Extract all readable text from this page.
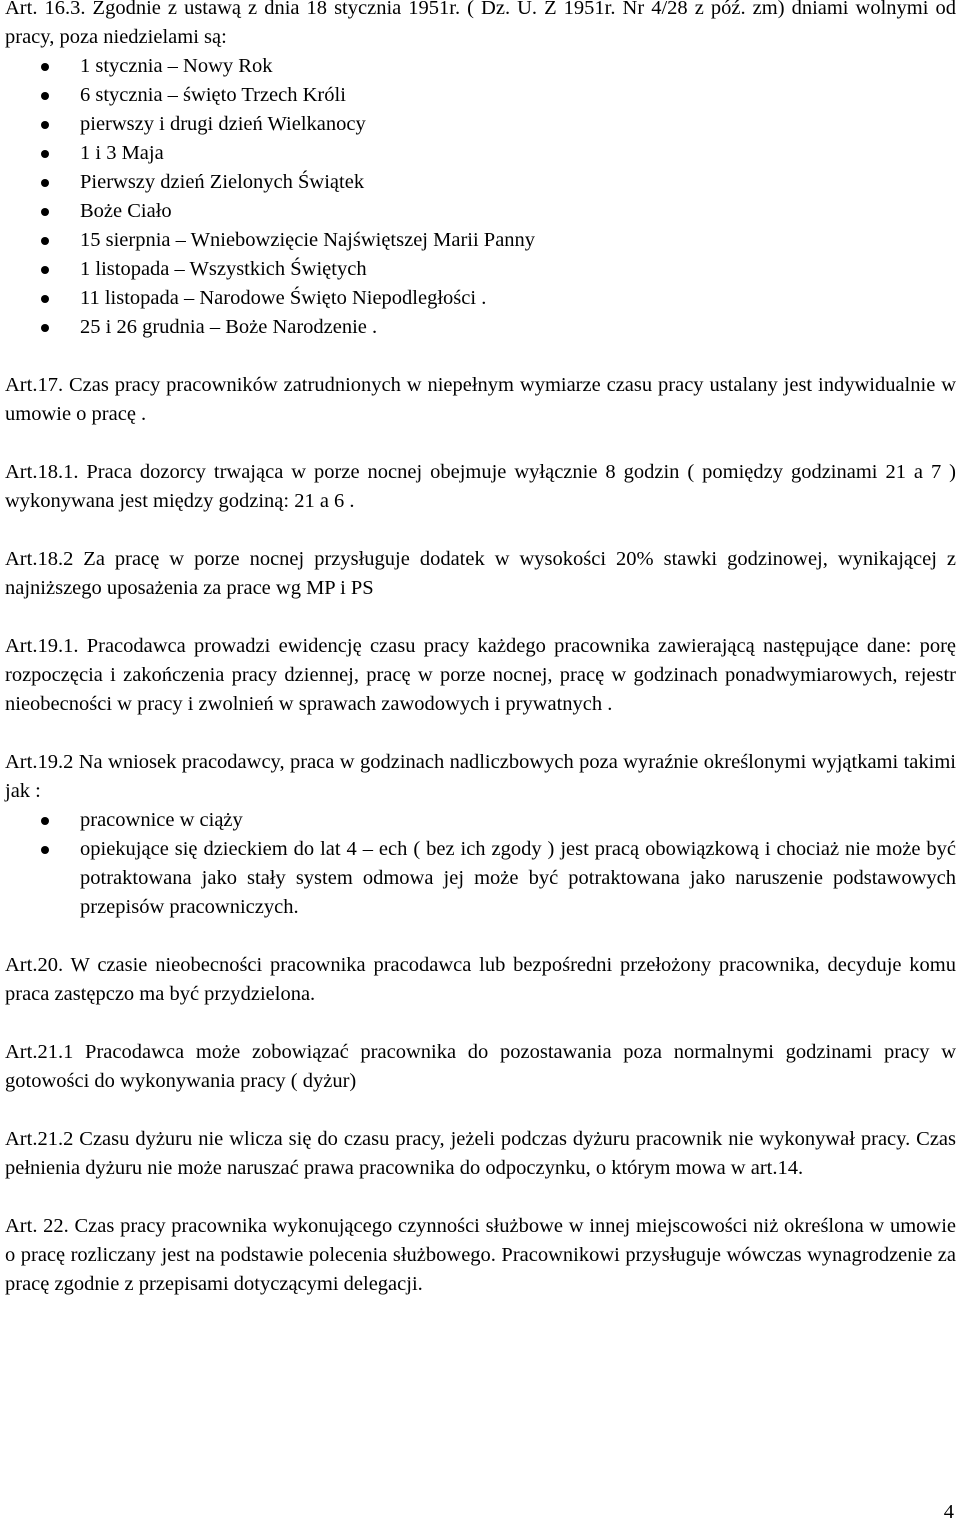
Art. 16.3. Zgodnie z ustawą z dnia 18 stycznia 1951r. ( Dz. U. Z 1951r. Nr 4/28 z póź. zm) dniami wolnymi od pracy, poza niedzielami są:

1 stycznia – Nowy Rok
6 stycznia – święto Trzech Króli
pierwszy i drugi dzień Wielkanocy
1 i 3 Maja
Pierwszy dzień Zielonych Świątek
Boże Ciało
15 sierpnia – Wniebowzięcie Najświętszej Marii Panny
1 listopada – Wszystkich Świętych
11 listopada – Narodowe Święto Niepodległości .
25 i 26 grudnia – Boże Narodzenie .

Art.17. Czas pracy pracowników zatrudnionych w niepełnym wymiarze czasu pracy ustalany jest indywidualnie w umowie o pracę .

Art.18.1. Praca dozorcy trwająca w porze nocnej obejmuje wyłącznie 8 godzin ( pomiędzy godzinami 21 a 7 ) wykonywana jest między godziną: 21 a 6 .

Art.18.2 Za pracę w porze nocnej przysługuje dodatek w wysokości 20% stawki godzinowej, wynikającej z najniższego uposażenia za prace wg MP i PS

Art.19.1. Pracodawca prowadzi ewidencję czasu pracy każdego pracownika zawierającą następujące dane: porę rozpoczęcia i zakończenia pracy dziennej, pracę w porze nocnej, pracę w godzinach ponadwymiarowych, rejestr nieobecności w pracy i zwolnień w sprawach zawodowych i prywatnych .

Art.19.2 Na wniosek pracodawcy, praca w godzinach nadliczbowych poza wyraźnie określonymi wyjątkami takimi jak :

pracownice w ciąży
opiekujące się dzieckiem do lat 4 – ech ( bez ich zgody ) jest pracą obowiązkową i chociaż nie może być potraktowana jako stały system odmowa jej może być potraktowana jako naruszenie podstawowych przepisów pracowniczych.

Art.20. W czasie nieobecności pracownika pracodawca lub bezpośredni przełożony pracownika, decyduje komu praca zastępczo ma być przydzielona.

Art.21.1 Pracodawca może zobowiązać pracownika do pozostawania poza normalnymi godzinami pracy w gotowości do wykonywania pracy ( dyżur)

Art.21.2 Czasu dyżuru nie wlicza się do czasu pracy, jeżeli podczas dyżuru pracownik nie wykonywał pracy. Czas pełnienia dyżuru nie może naruszać prawa pracownika do odpoczynku, o którym mowa w art.14.

Art. 22. Czas pracy pracownika wykonującego czynności służbowe w innej miejscowości niż określona w umowie o pracę rozliczany jest na podstawie polecenia służbowego. Pracownikowi przysługuje wówczas wynagrodzenie za pracę zgodnie z przepisami dotyczącymi delegacji.

4
